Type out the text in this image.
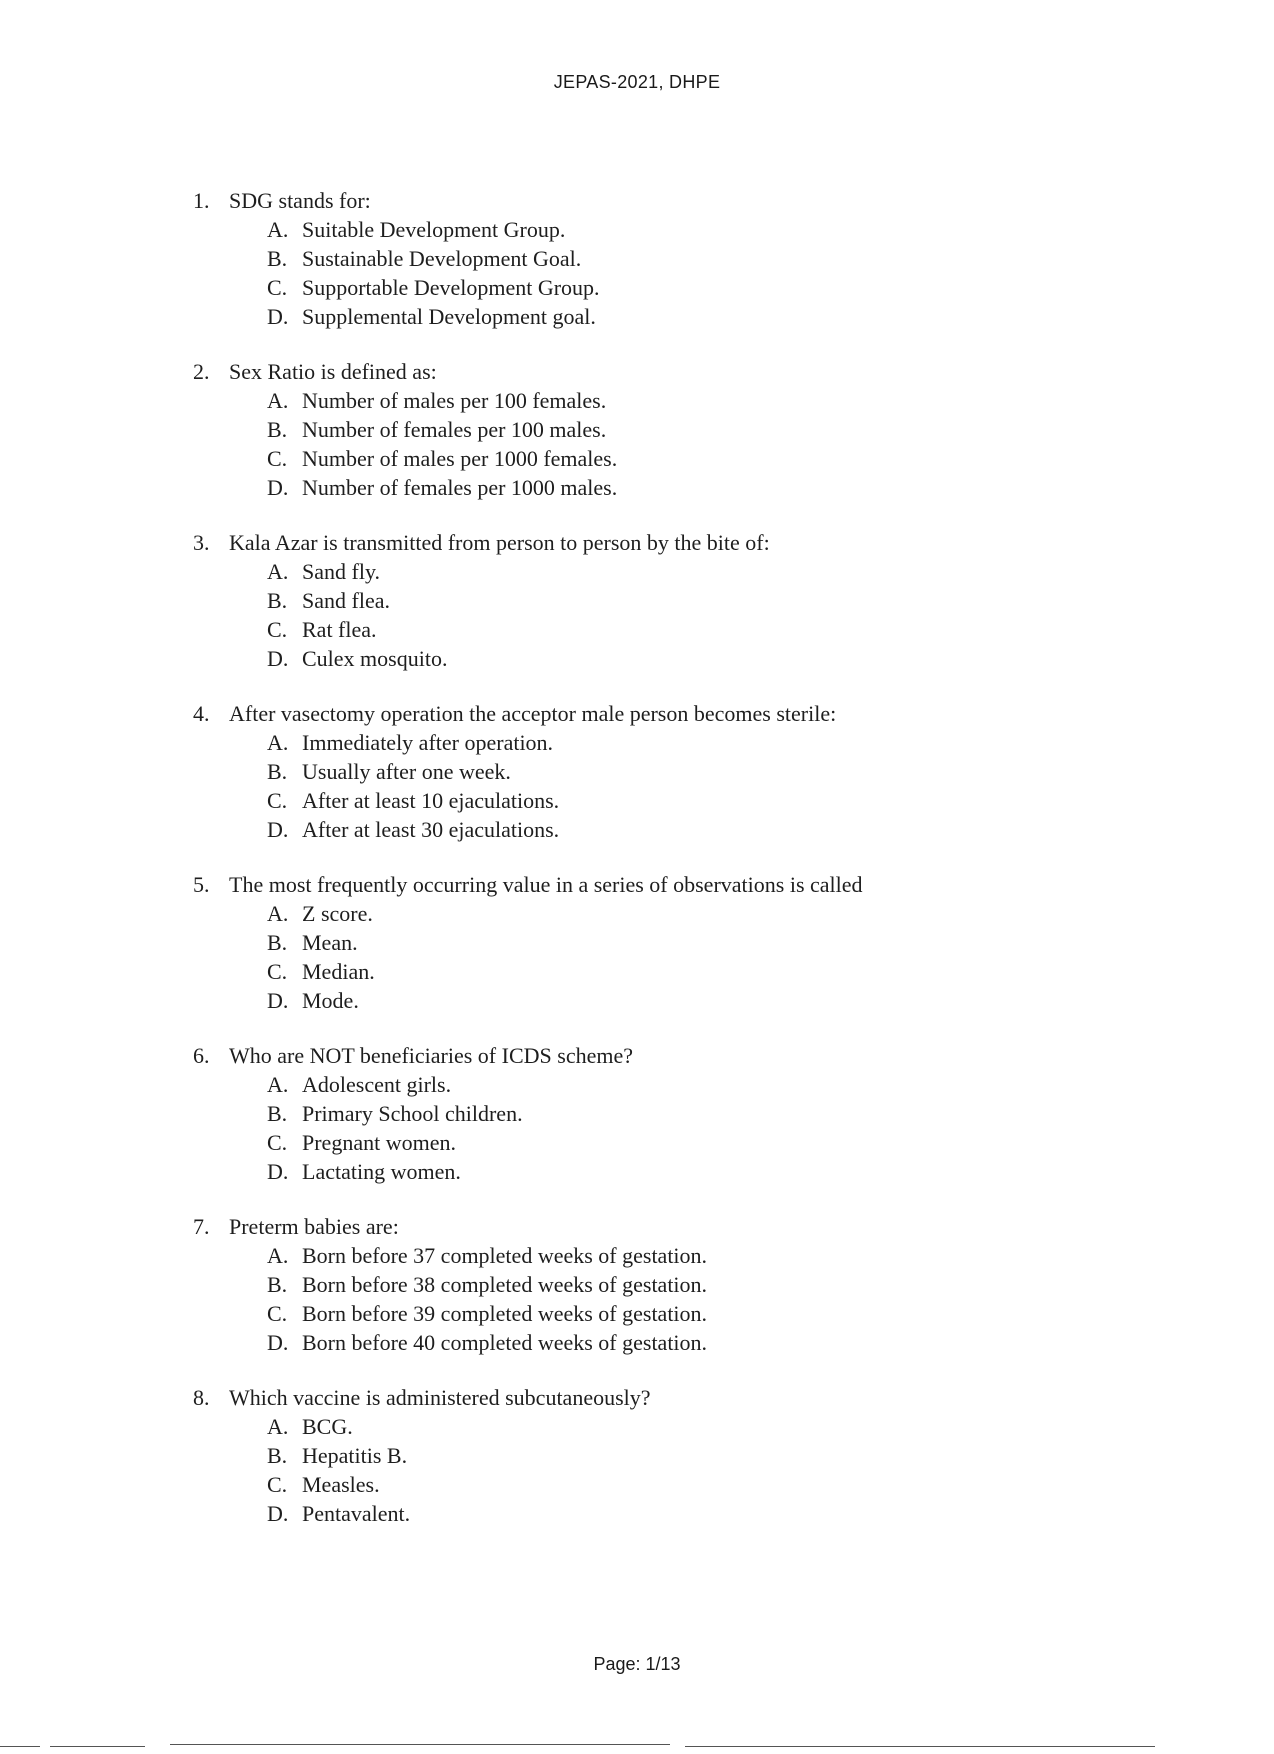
JEPAS-2021, DHPE
1. SDG stands for:
A. Suitable Development Group.
B. Sustainable Development Goal.
C. Supportable Development Group.
D. Supplemental Development goal.
2. Sex Ratio is defined as:
A. Number of males per 100 females.
B. Number of females per 100 males.
C. Number of males per 1000 females.
D. Number of females per 1000 males.
3. Kala Azar is transmitted from person to person by the bite of:
A. Sand fly.
B. Sand flea.
C. Rat flea.
D. Culex mosquito.
4. After vasectomy operation the acceptor male person becomes sterile:
A. Immediately after operation.
B. Usually after one week.
C. After at least 10 ejaculations.
D. After at least 30 ejaculations.
5. The most frequently occurring value in a series of observations is called
A. Z score.
B. Mean.
C. Median.
D. Mode.
6. Who are NOT beneficiaries of ICDS scheme?
A. Adolescent girls.
B. Primary School children.
C. Pregnant women.
D. Lactating women.
7. Preterm babies are:
A. Born before 37 completed weeks of gestation.
B. Born before 38 completed weeks of gestation.
C. Born before 39 completed weeks of gestation.
D. Born before 40 completed weeks of gestation.
8. Which vaccine is administered subcutaneously?
A. BCG.
B. Hepatitis B.
C. Measles.
D. Pentavalent.
Page: 1/13
